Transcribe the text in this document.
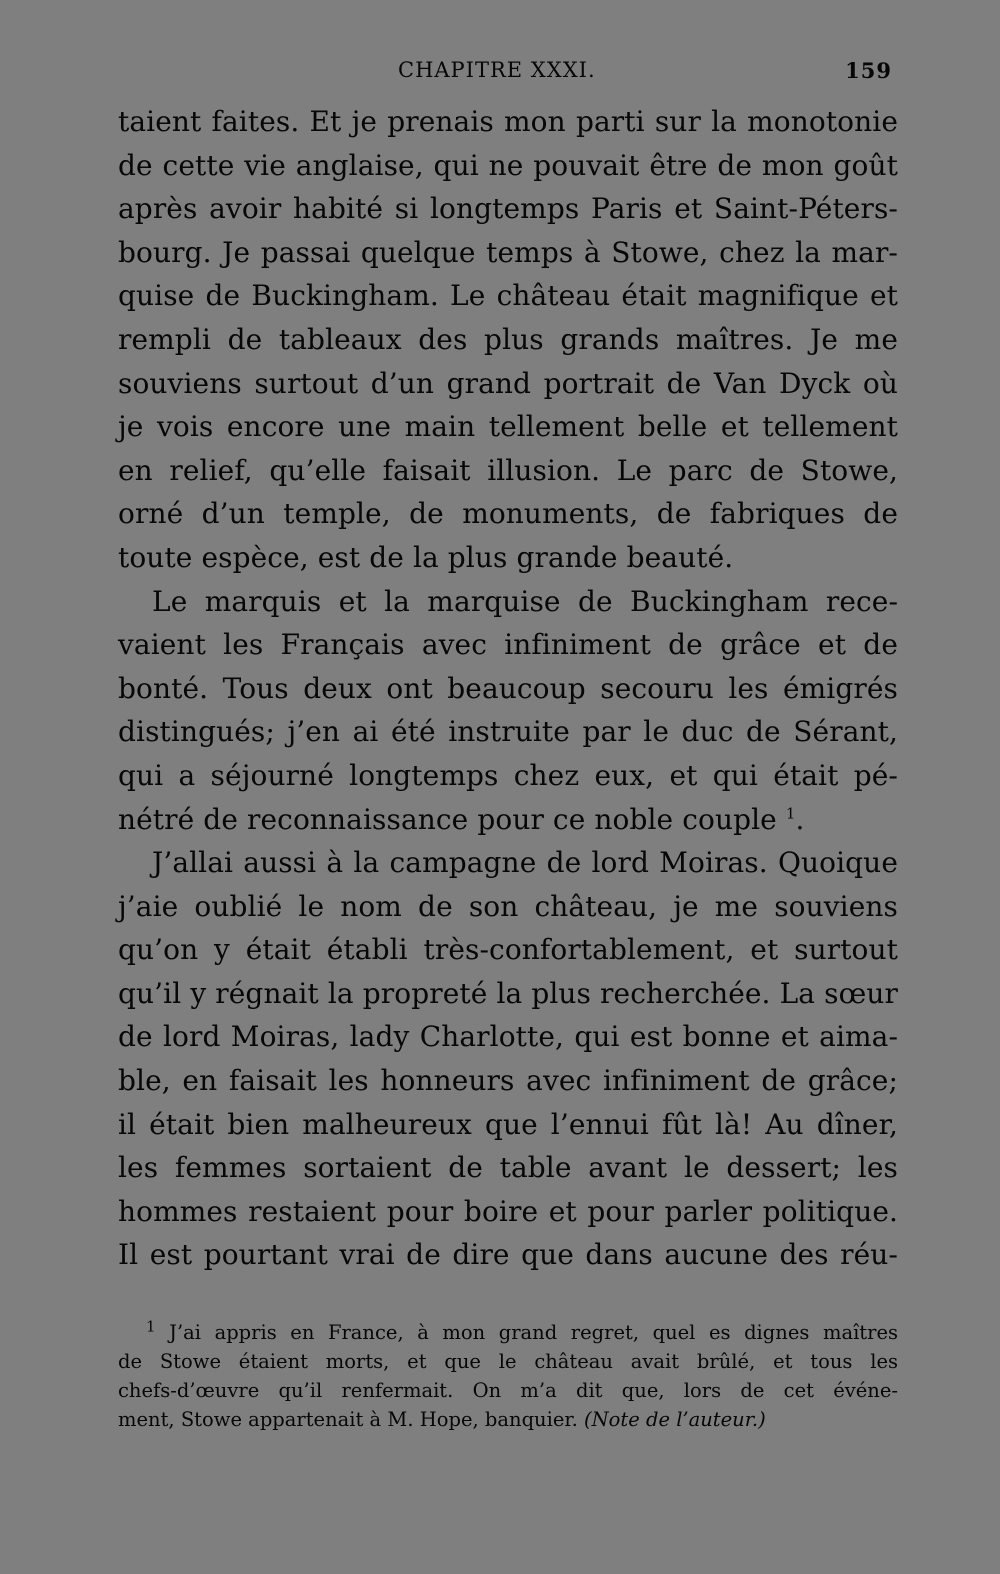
CHAPITRE XXXI.	159
taient faites. Et je prenais mon parti sur la monotonie
de cette vie anglaise, qui ne pouvait être de mon goût
après avoir habité si longtemps Paris et Saint-Péters-
bourg. Je passai quelque temps à Stowe, chez la mar-
quise de Buckingham. Le château était magnifique et
rempli de tableaux des plus grands maîtres. Je me
souviens surtout d’un grand portrait de Van Dyck où
je vois encore une main tellement belle et tellement
en relief, qu’elle faisait illusion. Le parc de Stowe,
orné d’un temple, de monuments, de fabriques de
toute espèce, est de la plus grande beauté.
Le marquis et la marquise de Buckingham rece-
vaient les Français avec infiniment de grâce et de
bonté. Tous deux ont beaucoup secouru les émigrés
distingués; j’en ai été instruite par le duc de Sérant,
qui a séjourné longtemps chez eux, et qui était pé-
nétré de reconnaissance pour ce noble couple $^1$.
J’allai aussi à la campagne de lord Moiras. Quoique
j’aie oublié le nom de son château, je me souviens
qu’on y était établi très-confortablement, et surtout
qu’il y régnait la propreté la plus recherchée. La sœur
de lord Moiras, lady Charlotte, qui est bonne et aima-
ble, en faisait les honneurs avec infiniment de grâce;
il était bien malheureux que l’ennui fût là! Au dîner,
les femmes sortaient de table avant le dessert; les
hommes restaient pour boire et pour parler politique.
Il est pourtant vrai de dire que dans aucune des réu-
$^1$ J’ai appris en France, à mon grand regret, quel es dignes maîtres
de Stowe étaient morts, et que le château avait brûlé, et tous les
chefs-d’œuvre qu’il renfermait. On m’a dit que, lors de cet événe-
ment, Stowe appartenait à M. Hope, banquier. (Note de l’auteur.)
